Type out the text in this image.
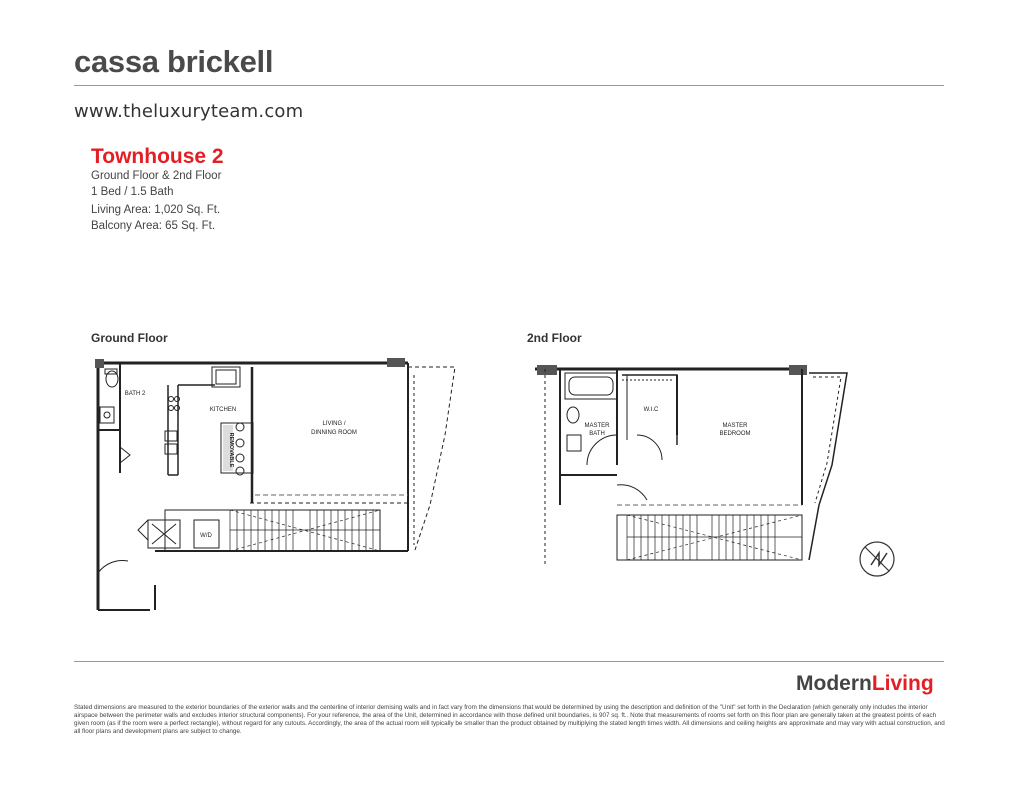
cassa brickell
www.theluxuryteam.com
Townhouse 2
Ground Floor & 2nd Floor
1 Bed / 1.5 Bath
Living Area: 1,020 Sq. Ft.
Balcony Area: 65 Sq. Ft.
Ground Floor	2nd Floor
BATH 2
KITCHEN
LIVING /
DINNING ROOM
REMOVABLE
W/D
MASTER
BATH
W.I.C
MASTER
BEDROOM
ModernLiving
Stated dimensions are measured to the exterior boundaries of the exterior walls and the centerline of interior demising walls and in fact vary from the dimensions that would be determined by using the description and definition of the "Unit" set forth in the Declaration (which generally only includes the interior airspace between the perimeter walls and excludes interior structural components). For your reference, the area of the Unit, determined in accordance with those defined unit boundaries, is 907 sq. ft.. Note that measurements of rooms set forth on this floor plan are generally taken at the greatest points of each given room (as if the room were a perfect rectangle), without regard for any cutouts. Accordingly, the area of the actual room will typically be smaller than the product obtained by multiplying the stated length times width. All dimensions and ceiling heights are approximate and may vary with actual construction, and all floor plans and development plans are subject to change.
